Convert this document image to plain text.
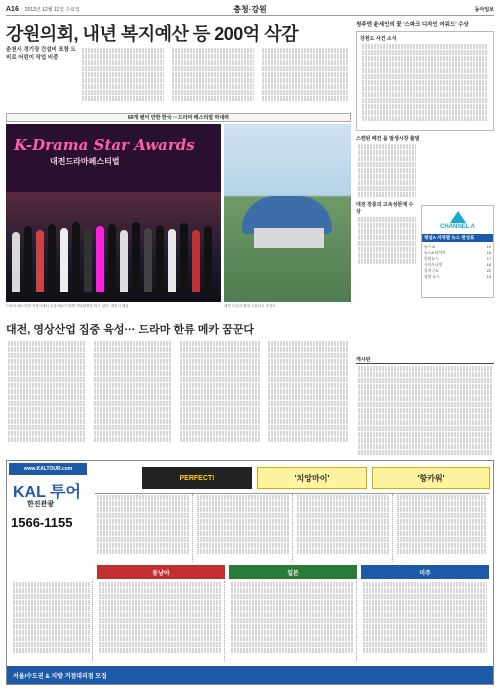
A16 2013년 12월 11일 수요일	충청·강원	동아일보
강원의회, 내년 복지예산 등 200억 삭감
춘천시 경기장 건설비 포함 도비로 어린이 작업 비중
60개 팬이 만한 한국 ···드라마 페스티벌 막내려
K-Drama Star Awards
대전드라마페스티벌
드라마 페스티벌 시상식에서 수상자들이 함께 기념촬영을 하고 있다. 대전시 제공	대전 드라마 촬영 스튜디오 조감도
대전, 영상산업 집중 육성··· 드라마 한류 메카 꿈꾼다
청주엔 윤세인의 꽃 '스파크 디자인 어워드' 수상
강원도 사건 소식
스캔된 페건 몸 발생시장 출범
대전 장롱의 고속성관계 수상
CHANNEL A
채널A 지역별 뉴스 편성표
뉴스 A	19
뉴스A 라이브	16
종합뉴스	17
시사투나잇	18
돌직구쇼	22
강원 뉴스	14
게시판
www.KALTOUR.com
KAL 투어
한진관광
1566-1155
PERFECT!	'치앙마이'	'항카워'
동남아	일본	미주
서울/수도권 & 지방 거점대리점 모집
